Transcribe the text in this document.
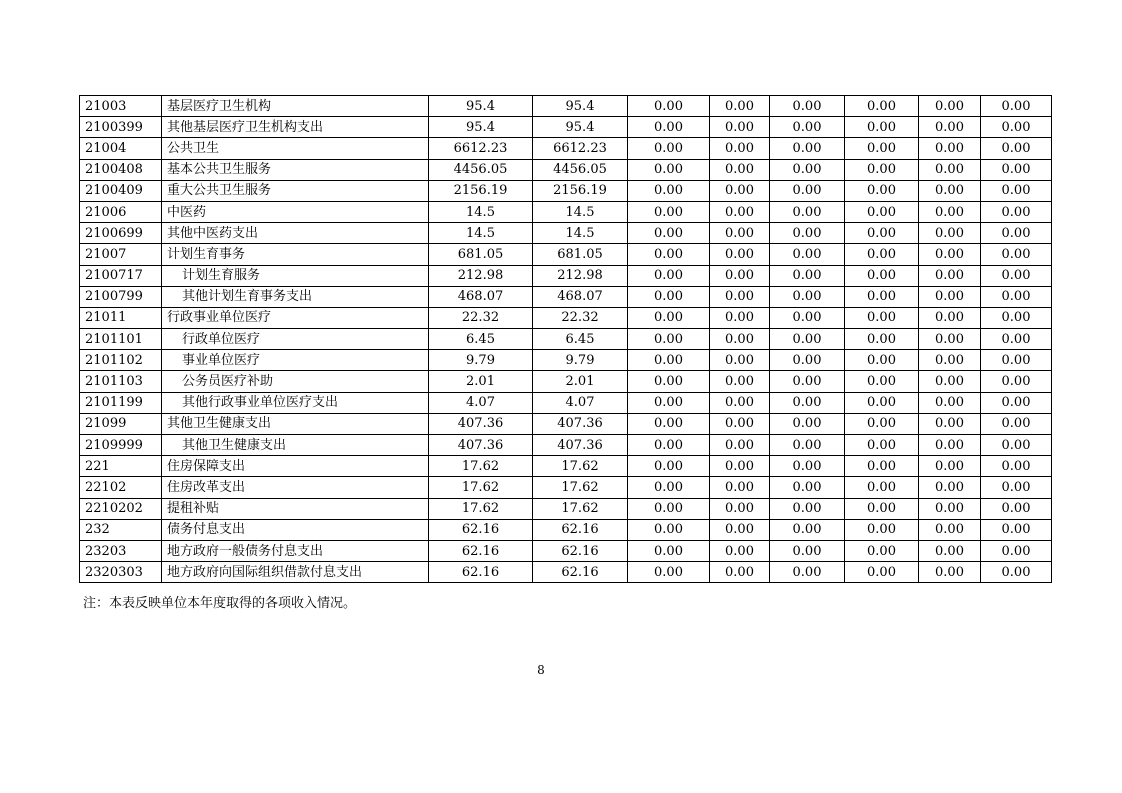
21003	基层医疗卫生机构	95.4	95.4	0.00	0.00	0.00	0.00	0.00	0.00
2100399	其他基层医疗卫生机构支出	95.4	95.4	0.00	0.00	0.00	0.00	0.00	0.00
21004	公共卫生	6612.23	6612.23	0.00	0.00	0.00	0.00	0.00	0.00
2100408	基本公共卫生服务	4456.05	4456.05	0.00	0.00	0.00	0.00	0.00	0.00
2100409	重大公共卫生服务	2156.19	2156.19	0.00	0.00	0.00	0.00	0.00	0.00
21006	中医药	14.5	14.5	0.00	0.00	0.00	0.00	0.00	0.00
2100699	其他中医药支出	14.5	14.5	0.00	0.00	0.00	0.00	0.00	0.00
21007	计划生育事务	681.05	681.05	0.00	0.00	0.00	0.00	0.00	0.00
2100717	计划生育服务	212.98	212.98	0.00	0.00	0.00	0.00	0.00	0.00
2100799	其他计划生育事务支出	468.07	468.07	0.00	0.00	0.00	0.00	0.00	0.00
21011	行政事业单位医疗	22.32	22.32	0.00	0.00	0.00	0.00	0.00	0.00
2101101	行政单位医疗	6.45	6.45	0.00	0.00	0.00	0.00	0.00	0.00
2101102	事业单位医疗	9.79	9.79	0.00	0.00	0.00	0.00	0.00	0.00
2101103	公务员医疗补助	2.01	2.01	0.00	0.00	0.00	0.00	0.00	0.00
2101199	其他行政事业单位医疗支出	4.07	4.07	0.00	0.00	0.00	0.00	0.00	0.00
21099	其他卫生健康支出	407.36	407.36	0.00	0.00	0.00	0.00	0.00	0.00
2109999	其他卫生健康支出	407.36	407.36	0.00	0.00	0.00	0.00	0.00	0.00
221	住房保障支出	17.62	17.62	0.00	0.00	0.00	0.00	0.00	0.00
22102	住房改革支出	17.62	17.62	0.00	0.00	0.00	0.00	0.00	0.00
2210202	提租补贴	17.62	17.62	0.00	0.00	0.00	0.00	0.00	0.00
232	债务付息支出	62.16	62.16	0.00	0.00	0.00	0.00	0.00	0.00
23203	地方政府一般债务付息支出	62.16	62.16	0.00	0.00	0.00	0.00	0.00	0.00
2320303	地方政府向国际组织借款付息支出	62.16	62.16	0.00	0.00	0.00	0.00	0.00	0.00
注：本表反映单位本年度取得的各项收入情况。
8
